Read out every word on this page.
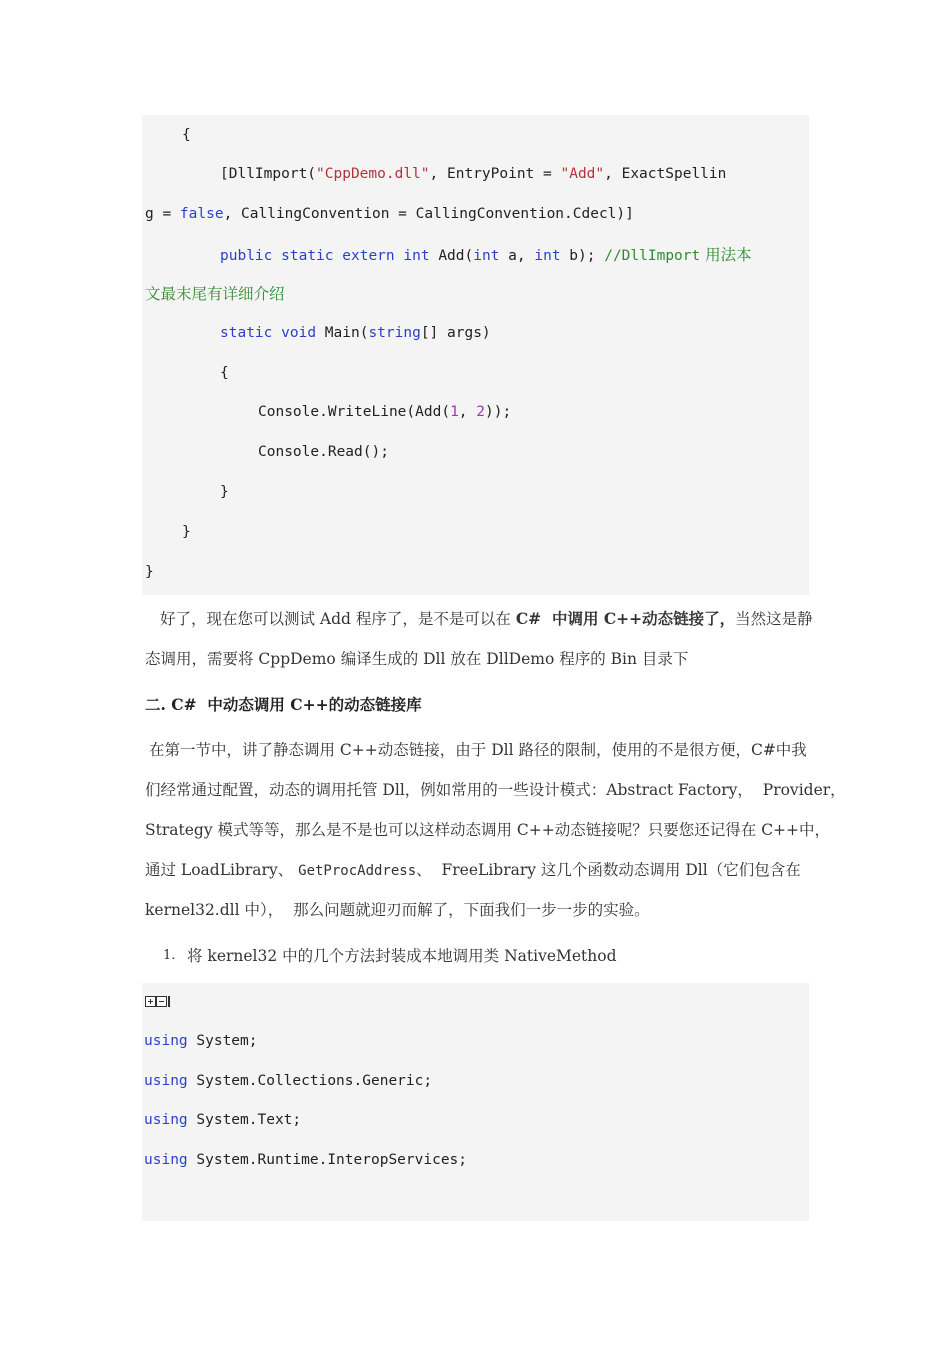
{
[DllImport("CppDemo.dll", EntryPoint = "Add", ExactSpellin
g = false, CallingConvention = CallingConvention.Cdecl)]
public static extern int Add(int a, int b); //DllImport 用法本
文最末尾有详细介绍
static void Main(string[] args)
{
Console.WriteLine(Add(1, 2));
Console.Read();
}
}
}
好了，现在您可以测试 Add 程序了，是不是可以在 C#  中调用 C++动态链接了，当然这是静
态调用，需要将 CppDemo 编译生成的 Dll 放在 DllDemo 程序的 Bin 目录下
二. C#  中动态调用 C++的动态链接库
在第一节中，讲了静态调用 C++动态链接，由于 Dll 路径的限制，使用的不是很方便，C#中我
们经常通过配置，动态的调用托管 Dll，例如常用的一些设计模式：Abstract Factory，  Provider，
Strategy 模式等等，那么是不是也可以这样动态调用 C++动态链接呢？只要您还记得在 C++中，
通过 LoadLibrary、 GetProcAddress、  FreeLibrary 这几个函数动态调用 Dll（它们包含在
kernel32.dll 中），  那么问题就迎刃而解了，下面我们一步一步的实验。
1. 将 kernel32 中的几个方法封装成本地调用类 NativeMethod
using System;
using System.Collections.Generic;
using System.Text;
using System.Runtime.InteropServices;
